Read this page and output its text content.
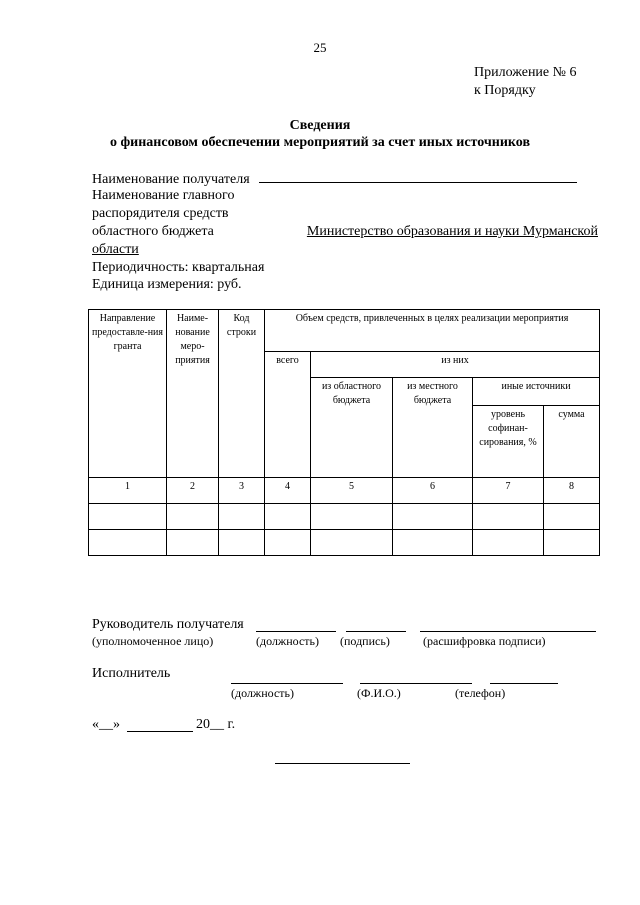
25
Приложение № 6
к Порядку
Сведения
о финансовом обеспечении мероприятий за счет иных источников
Наименование получателя
Наименование главного
распорядителя средств
областного бюджета	Министерство образования и науки Мурманской
области
Периодичность: квартальная
Единица измерения: руб.
Направление предоставле-ния гранта	Наиме-нование меро-приятия	Код строки	Объем средств, привлеченных в целях реализации мероприятия				
			всего	из них			
				из областного бюджета	из местного бюджета	иные источники	
						уровень софинан-сирования, %	сумма
1	2	3	4	5	6	7	8

Руководитель получателя
(уполномоченное лицо)	(должность) (подпись)	(расшифровка подписи)
Исполнитель
(должность)	(Ф.И.О.)	(телефон)
«__»	20__ г.
